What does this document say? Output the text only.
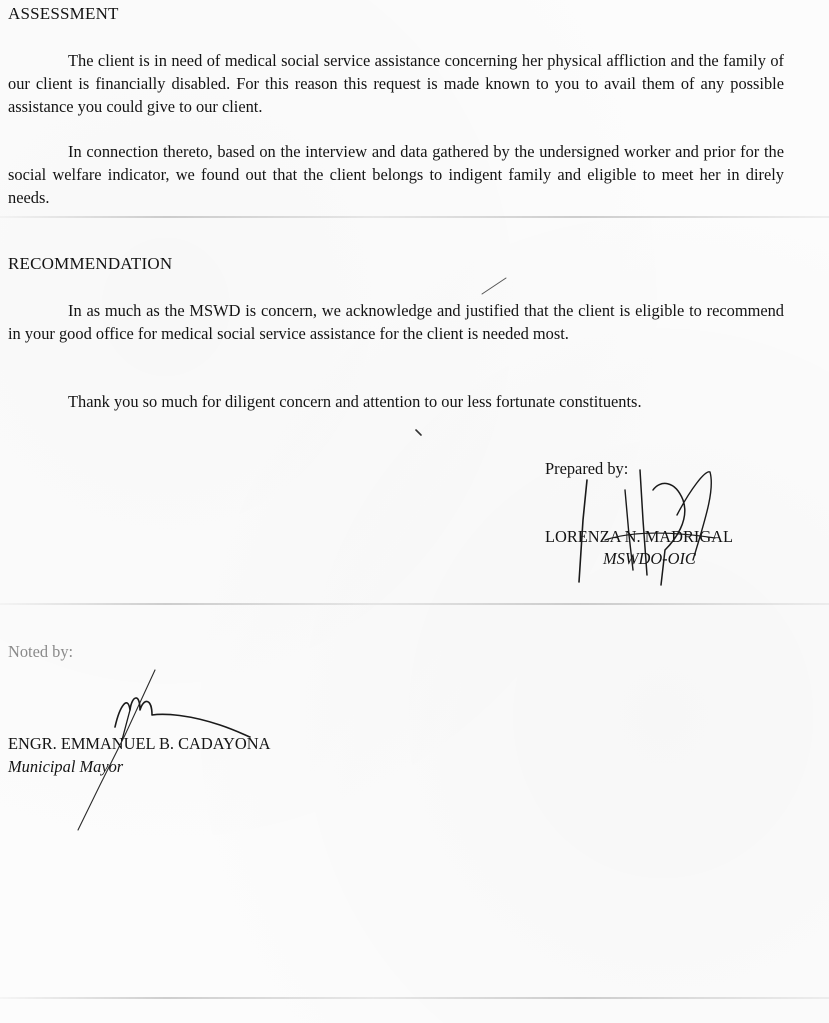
ASSESSMENT

The client is in need of medical social service assistance concerning her physical affliction and the family of our client is financially disabled. For this reason this request is made known to you to avail them of any possible assistance you could give to our client.

In connection thereto, based on the interview and data gathered by the undersigned worker and prior for the social welfare indicator, we found out that the client belongs to indigent family and eligible to meet her in direly needs.

RECOMMENDATION

In as much as the MSWD is concern, we acknowledge and justified that the client is eligible to recommend in your good office for medical social service assistance for the client is needed most.

Thank you so much for diligent concern and attention to our less fortunate constituents.
Prepared by:
LORENZA N. MADRIGAL
MSWDO-OIC
Noted by:
ENGR. EMMANUEL B. CADAYONA
Municipal Mayor
